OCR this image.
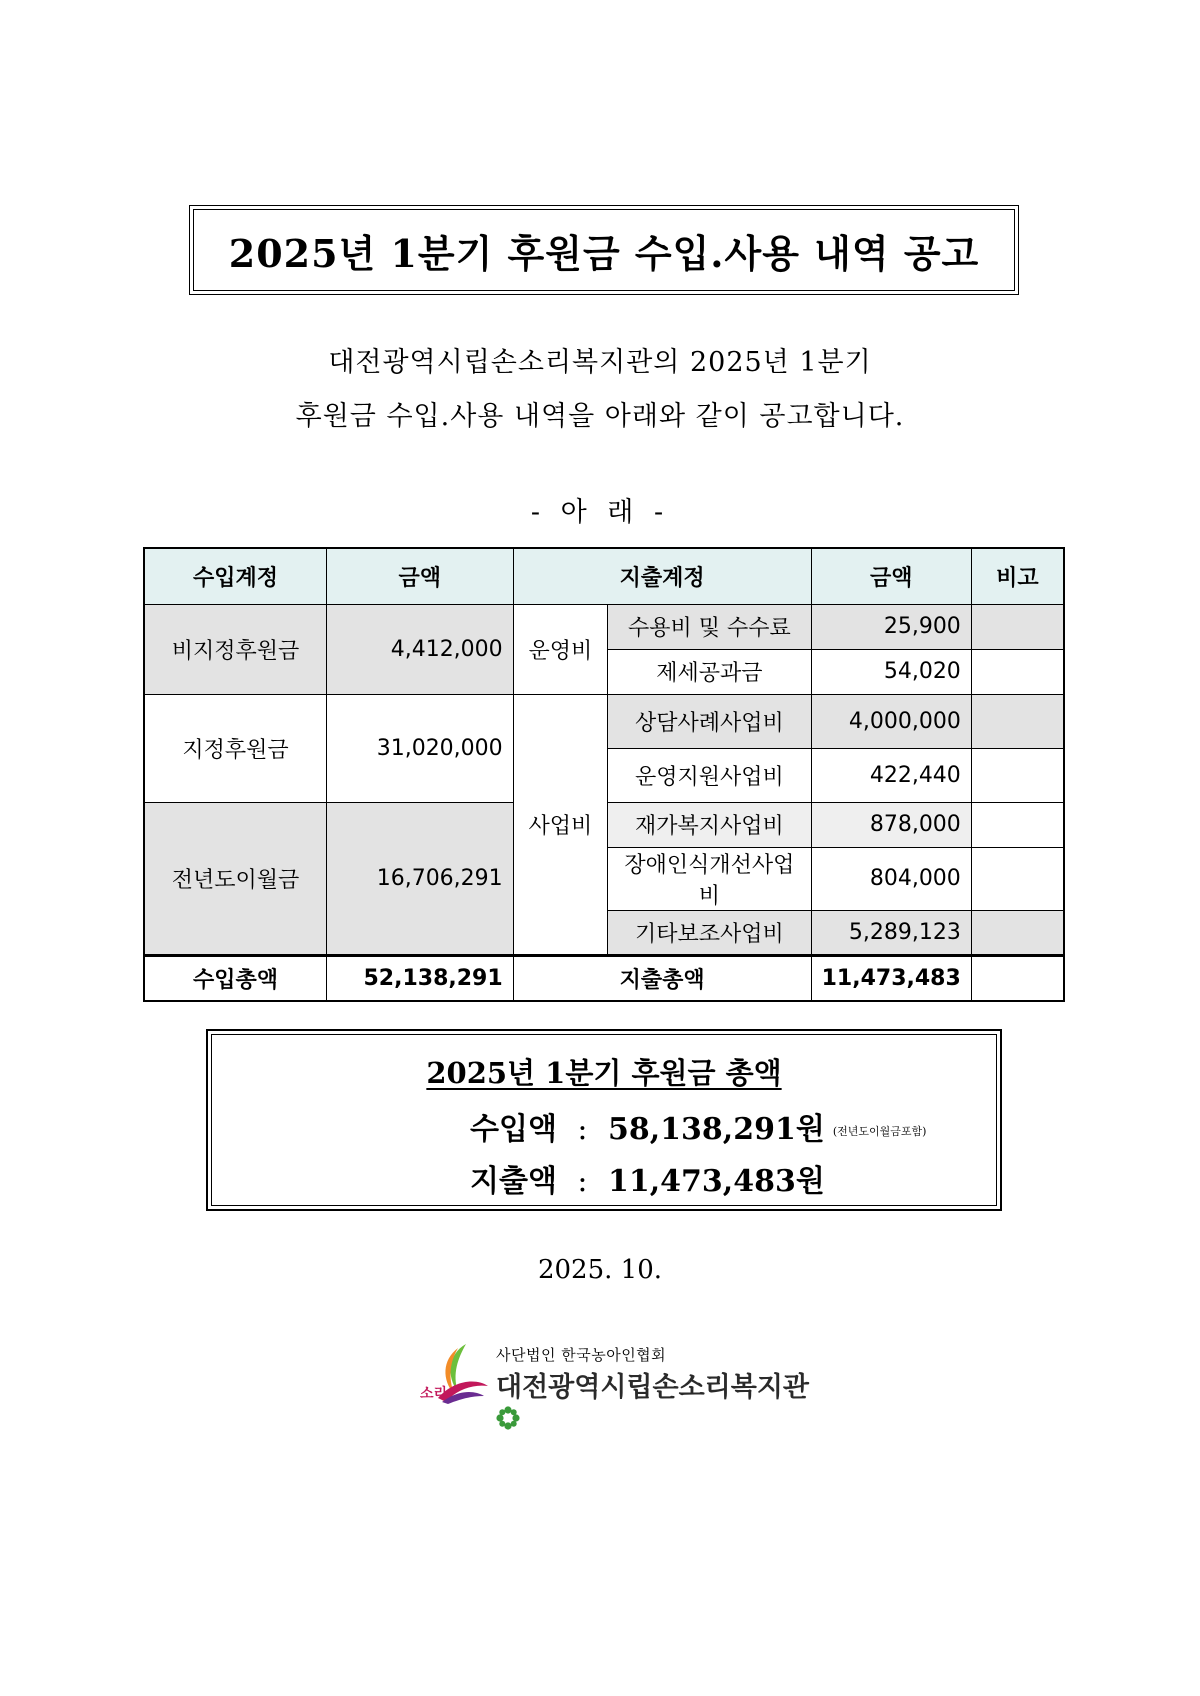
2025년 1분기 후원금 수입.사용 내역 공고
대전광역시립손소리복지관의 2025년 1분기
후원금 수입.사용 내역을 아래와 같이 공고합니다.
- 아 래 -
수입계정	금액	지출계정		금액	비고
비지정후원금	4,412,000	운영비	수용비 및 수수료	25,900	
			제세공과금	54,020	
지정후원금	31,020,000	사업비	상담사례사업비	4,000,000	
			운영지원사업비	422,440	
전년도이월금	16,706,291		재가복지사업비	878,000	
			장애인식개선사업비	804,000	
			기타보조사업비	5,289,123	
수입총액	52,138,291	지출총액		11,473,483	
2025년 1분기 후원금 총액
수입액 : 58,138,291원 (전년도이월금포함)
지출액 : 11,473,483원
2025. 10.
소리
사단법인 한국농아인협회
대전광역시립손소리복지관
